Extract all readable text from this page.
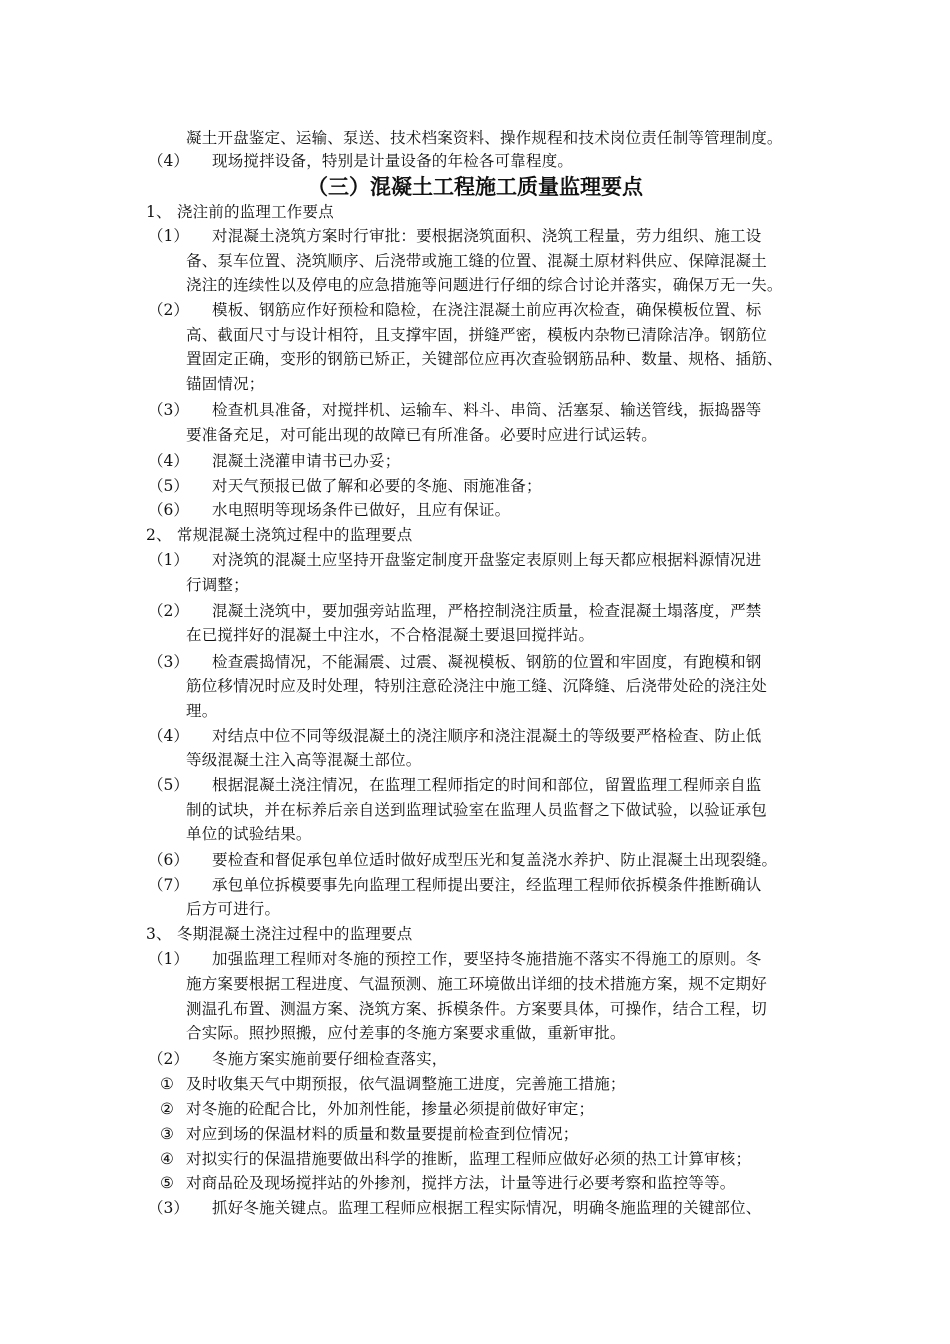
凝土开盘鉴定、运输、泵送、技术档案资料、操作规程和技术岗位责任制等管理制度。
（4） 现场搅拌设备，特别是计量设备的年检各可靠程度。
（三）混凝土工程施工质量监理要点
1、 浇注前的监理工作要点
（1） 对混凝土浇筑方案时行审批：要根据浇筑面积、浇筑工程量，劳力组织、施工设
备、泵车位置、浇筑顺序、后浇带或施工缝的位置、混凝土原材料供应、保障混凝土
浇注的连续性以及停电的应急措施等问题进行仔细的综合讨论并落实，确保万无一失。
（2） 模板、钢筋应作好预检和隐检，在浇注混凝土前应再次检查，确保模板位置、标
高、截面尺寸与设计相符，且支撑牢固，拼缝严密，模板内杂物已清除洁净。钢筋位
置固定正确，变形的钢筋已矫正，关键部位应再次查验钢筋品种、数量、规格、插筋、
锚固情况；
（3） 检查机具准备，对搅拌机、运输车、料斗、串筒、活塞泵、输送管线，振捣器等
要准备充足，对可能出现的故障已有所准备。必要时应进行试运转。
（4） 混凝土浇灌申请书已办妥；
（5） 对天气预报已做了解和必要的冬施、雨施准备；
（6） 水电照明等现场条件已做好，且应有保证。
2、 常规混凝土浇筑过程中的监理要点
（1） 对浇筑的混凝土应坚持开盘鉴定制度开盘鉴定表原则上每天都应根据料源情况进
行调整；
（2） 混凝土浇筑中，要加强旁站监理，严格控制浇注质量，检查混凝土塌落度，严禁
在已搅拌好的混凝土中注水，不合格混凝土要退回搅拌站。
（3） 检查震捣情况，不能漏震、过震、凝视模板、钢筋的位置和牢固度，有跑模和钢
筋位移情况时应及时处理，特别注意砼浇注中施工缝、沉降缝、后浇带处砼的浇注处
理。
（4） 对结点中位不同等级混凝土的浇注顺序和浇注混凝土的等级要严格检查、防止低
等级混凝土注入高等混凝土部位。
（5） 根据混凝土浇注情况，在监理工程师指定的时间和部位，留置监理工程师亲自监
制的试块，并在标养后亲自送到监理试验室在监理人员监督之下做试验，以验证承包
单位的试验结果。
（6） 要检查和督促承包单位适时做好成型压光和复盖浇水养护、防止混凝土出现裂缝。
（7） 承包单位拆模要事先向监理工程师提出要注，经监理工程师依拆模条件推断确认
后方可进行。
3、 冬期混凝土浇注过程中的监理要点
（1） 加强监理工程师对冬施的预控工作，要坚持冬施措施不落实不得施工的原则。冬
施方案要根据工程进度、气温预测、施工环境做出详细的技术措施方案，规不定期好
测温孔布置、测温方案、浇筑方案、拆模条件。方案要具体，可操作，结合工程，切
合实际。照抄照搬，应付差事的冬施方案要求重做，重新审批。
（2） 冬施方案实施前要仔细检查落实，
① 及时收集天气中期预报，依气温调整施工进度，完善施工措施；
② 对冬施的砼配合比，外加剂性能，掺量必须提前做好审定；
③ 对应到场的保温材料的质量和数量要提前检查到位情况；
④ 对拟实行的保温措施要做出科学的推断，监理工程师应做好必须的热工计算审核；
⑤ 对商品砼及现场搅拌站的外掺剂，搅拌方法，计量等进行必要考察和监控等等。
（3） 抓好冬施关键点。监理工程师应根据工程实际情况，明确冬施监理的关键部位、
